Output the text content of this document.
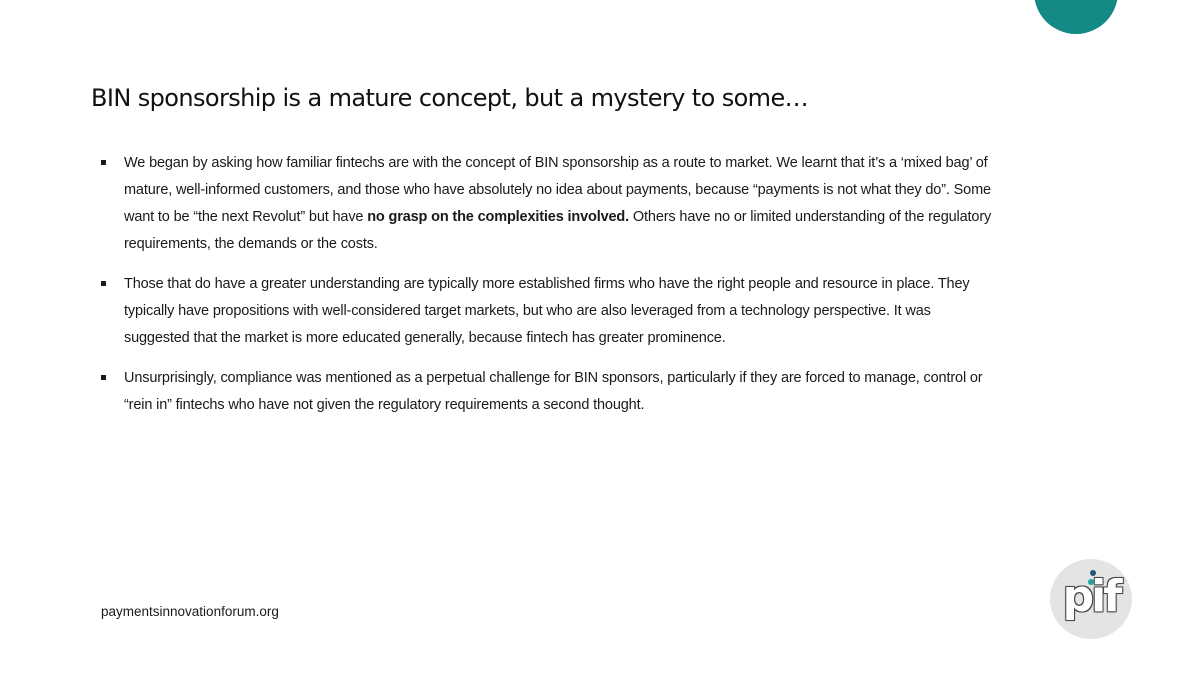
BIN sponsorship is a mature concept, but a mystery to some…
We began by asking how familiar fintechs are with the concept of BIN sponsorship as a route to market. We learnt that it’s a ‘mixed bag’ of mature, well-informed customers, and those who have absolutely no idea about payments, because “payments is not what they do”. Some want to be “the next Revolut” but have no grasp on the complexities involved. Others have no or limited understanding of the regulatory requirements, the demands or the costs.
Those that do have a greater understanding are typically more established firms who have the right people and resource in place. They typically have propositions with well-considered target markets, but who are also leveraged from a technology perspective. It was suggested that the market is more educated generally, because fintech has greater prominence.
Unsurprisingly, compliance was mentioned as a perpetual challenge for BIN sponsors, particularly if they are forced to manage, control or “rein in” fintechs who have not given the regulatory requirements a second thought.
paymentsinnovationforum.org	pif
